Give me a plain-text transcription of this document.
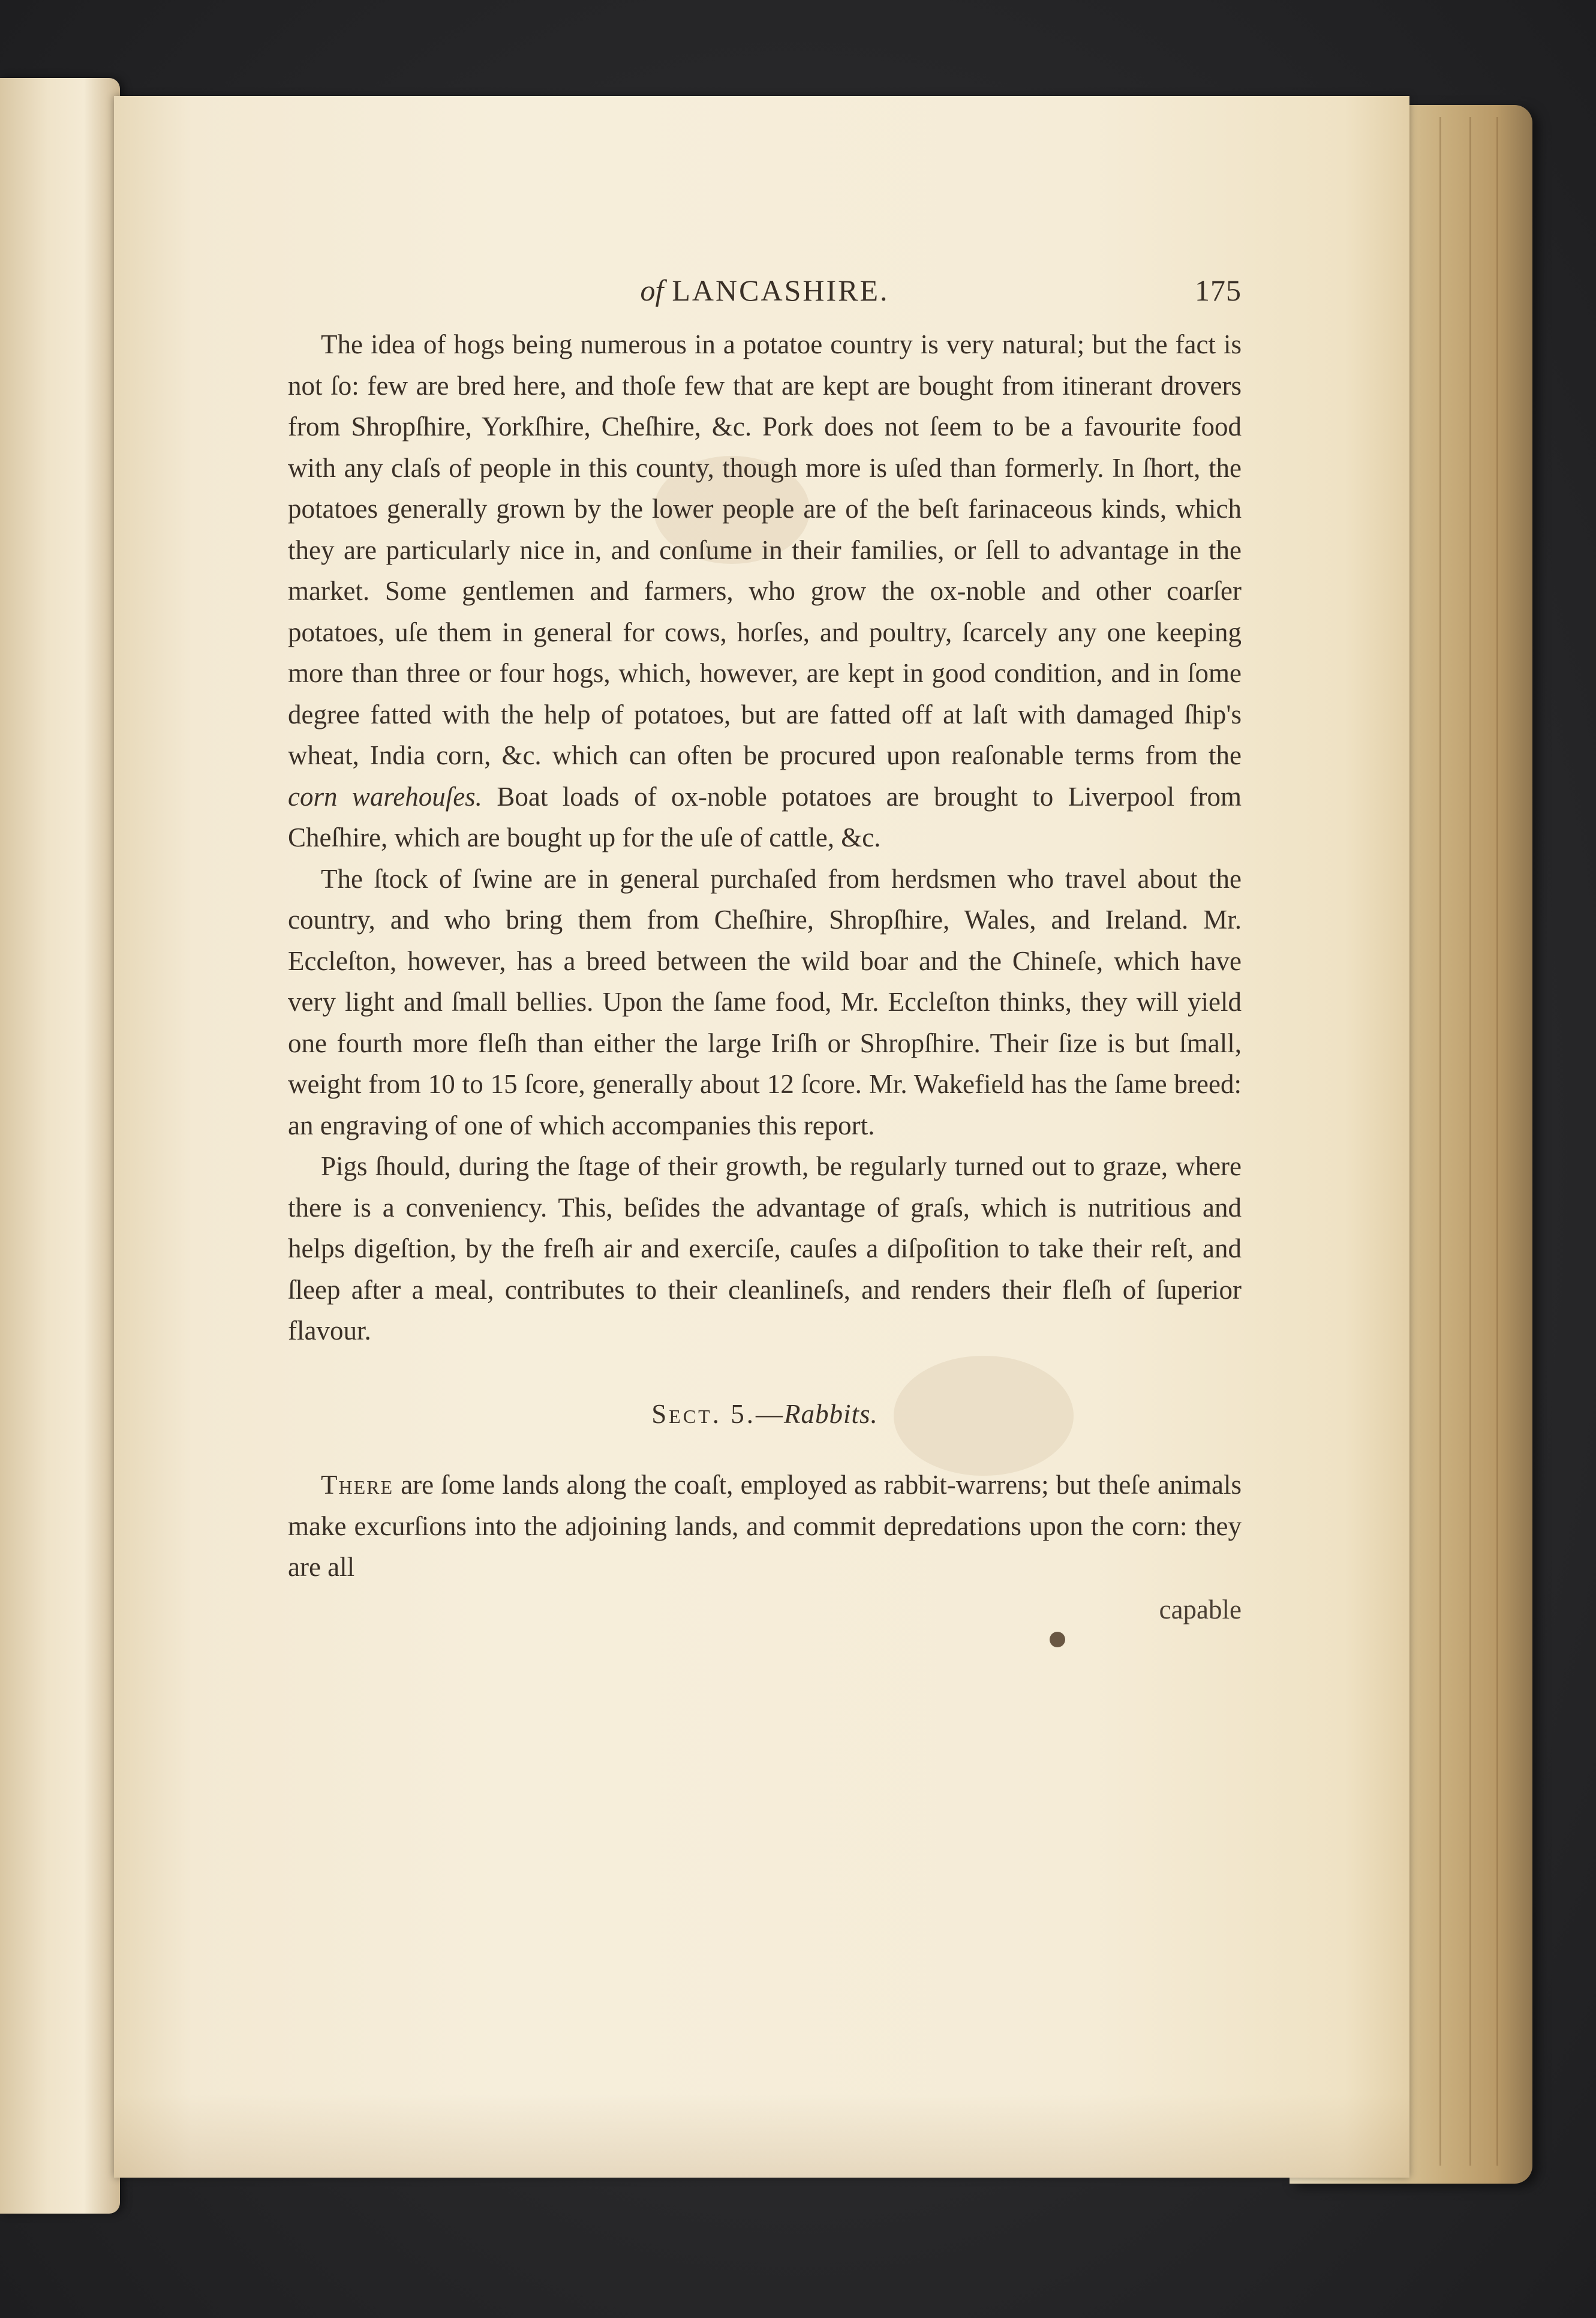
of LANCASHIRE.	175

The idea of hogs being numerous in a potatoe country is very natural; but the fact is not ſo: few are bred here, and thoſe few that are kept are bought from itinerant drovers from Shropſhire, Yorkſhire, Cheſhire, &c. Pork does not ſeem to be a favourite food with any claſs of people in this county, though more is uſed than formerly. In ſhort, the potatoes generally grown by the lower people are of the beſt farinaceous kinds, which they are particularly nice in, and conſume in their families, or ſell to advantage in the market. Some gentlemen and farmers, who grow the ox-noble and other coarſer potatoes, uſe them in general for cows, horſes, and poultry, ſcarcely any one keeping more than three or four hogs, which, however, are kept in good condition, and in ſome degree fatted with the help of potatoes, but are fatted off at laſt with damaged ſhip's wheat, India corn, &c. which can often be procured upon reaſonable terms from the corn warehouſes. Boat loads of ox-noble potatoes are brought to Liverpool from Cheſhire, which are bought up for the uſe of cattle, &c.

The ſtock of ſwine are in general purchaſed from herdsmen who travel about the country, and who bring them from Cheſhire, Shropſhire, Wales, and Ireland. Mr. Eccleſton, however, has a breed between the wild boar and the Chineſe, which have very light and ſmall bellies. Upon the ſame food, Mr. Eccleſton thinks, they will yield one fourth more fleſh than either the large Iriſh or Shropſhire. Their ſize is but ſmall, weight from 10 to 15 ſcore, generally about 12 ſcore. Mr. Wakefield has the ſame breed: an engraving of one of which accompanies this report.

Pigs ſhould, during the ſtage of their growth, be regularly turned out to graze, where there is a conveniency. This, beſides the advantage of graſs, which is nutritious and helps digeſtion, by the freſh air and exerciſe, cauſes a diſpoſition to take their reſt, and ſleep after a meal, contributes to their cleanlineſs, and renders their fleſh of ſuperior flavour.

Sect. 5.—Rabbits.

There are ſome lands along the coaſt, employed as rabbit-warrens; but theſe animals make excurſions into the adjoining lands, and commit depredations upon the corn: they are all

capable
